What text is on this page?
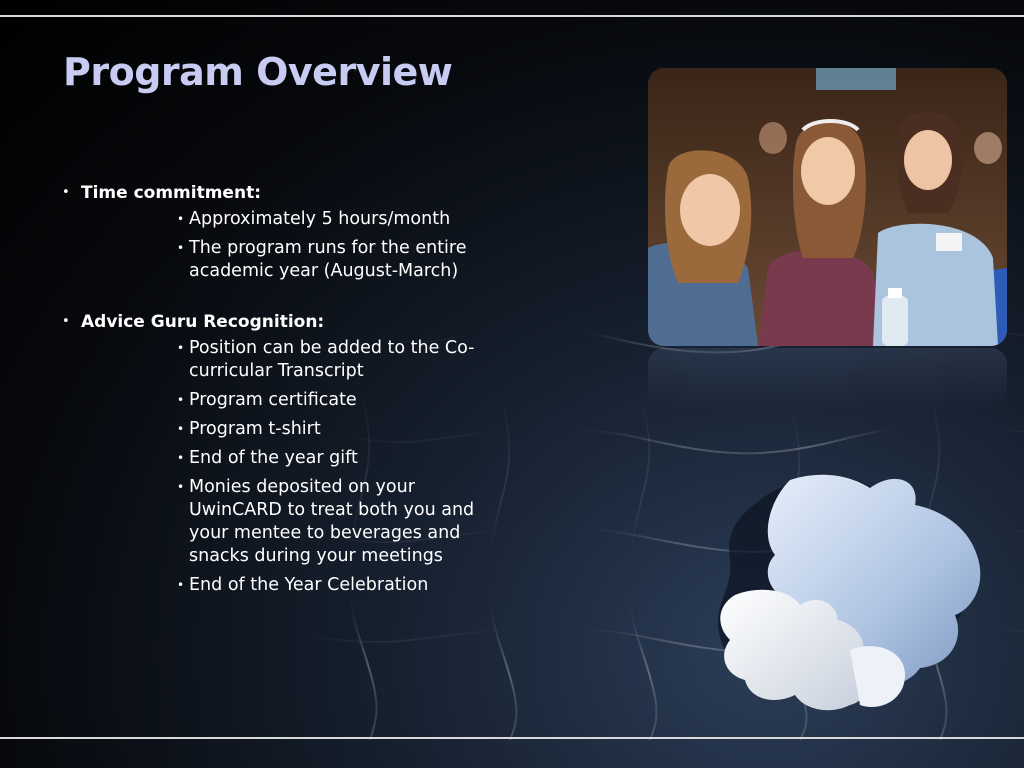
Program Overview
• Time commitment:
• Approximately 5 hours/month
• The program runs for the entire academic year (August-March)
• Advice Guru Recognition:
• Position can be added to the Co-curricular Transcript
• Program certificate
• Program t-shirt
• End of the year gift
• Monies deposited on your UwinCARD to treat both you and your mentee to beverages and snacks during your meetings
• End of the Year Celebration
